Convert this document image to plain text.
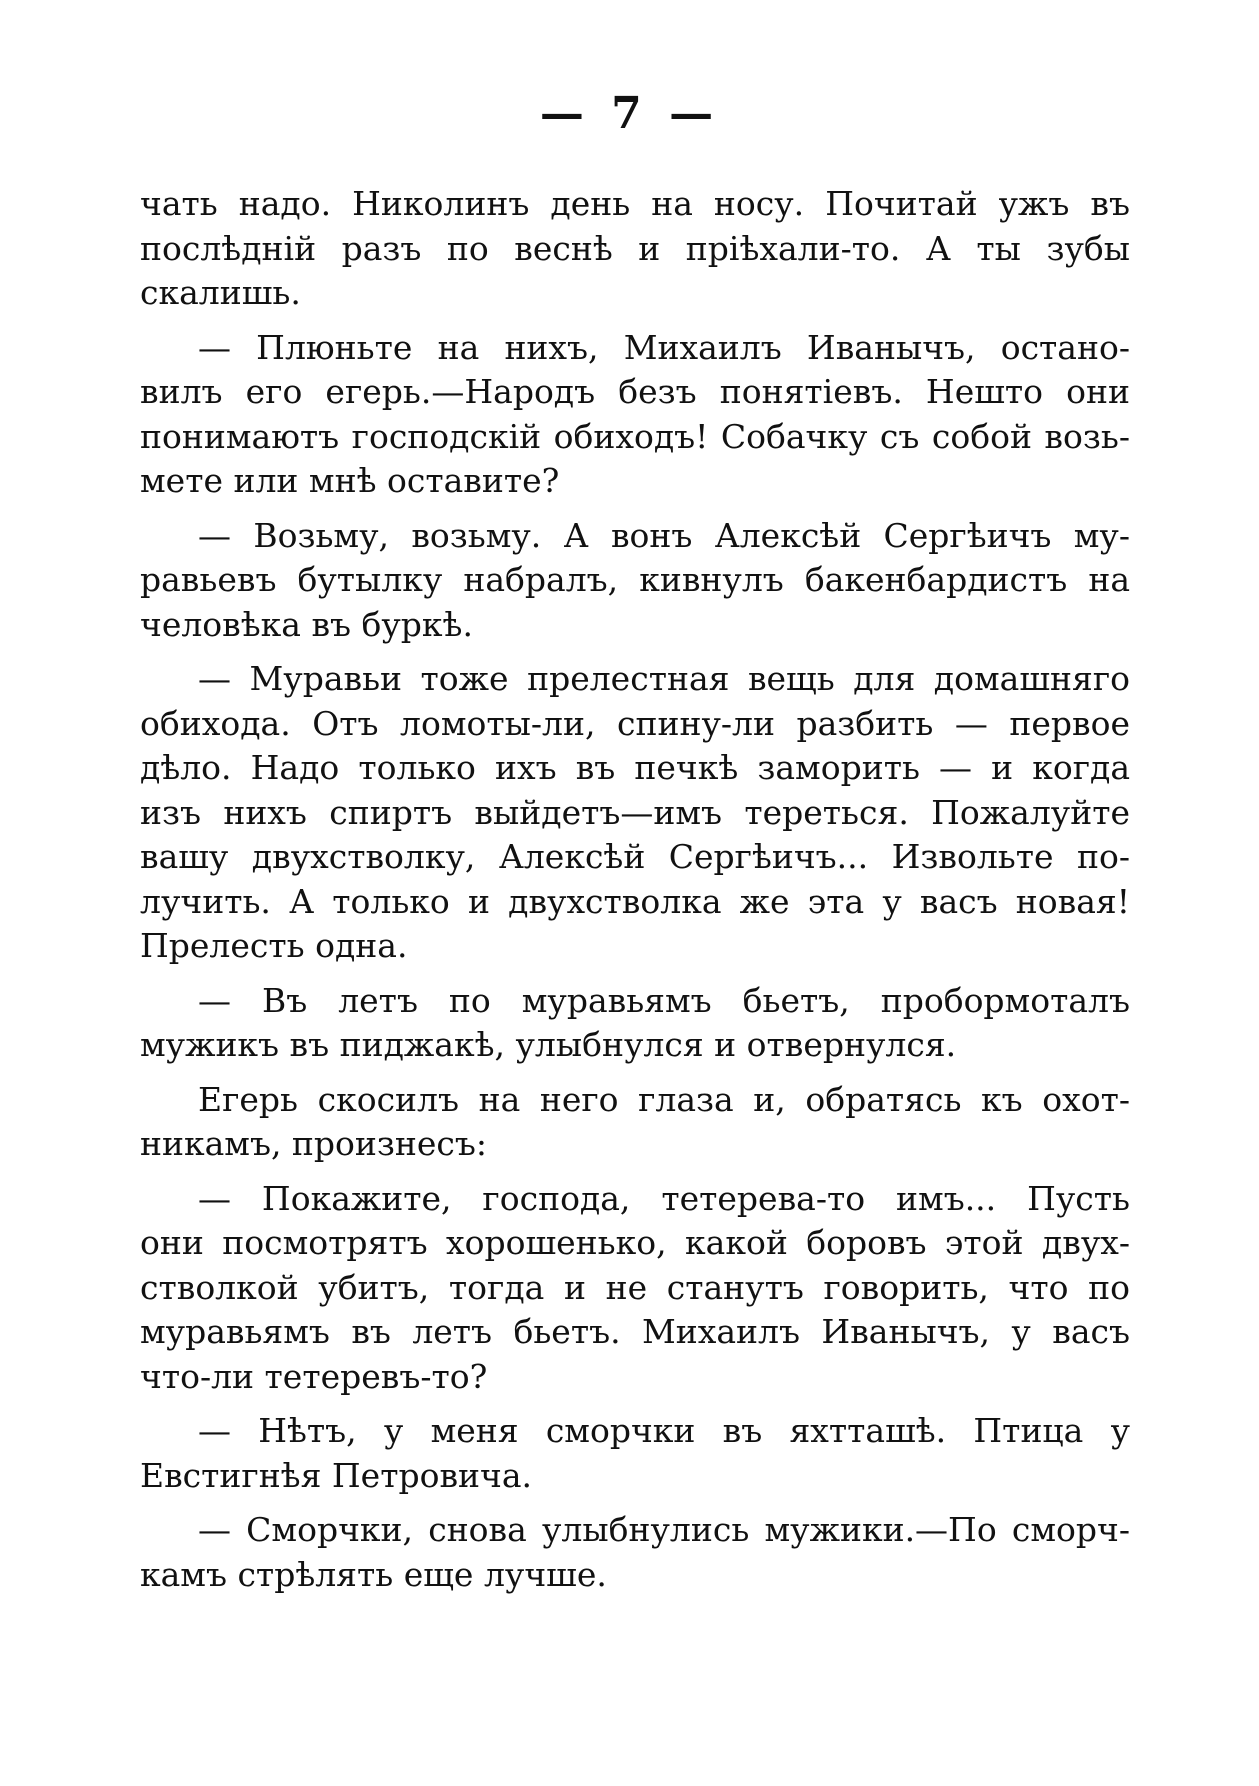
— 7 —
чать надо. Николинъ день на носу. Почитай ужъ въ
послѣдній разъ по веснѣ и пріѣхали-то. А ты зубы
скалишь.
— Плюньте на нихъ, Михаилъ Иванычъ, остано-
вилъ его егерь.—Народъ безъ понятіевъ. Нешто они
понимаютъ господскій обиходъ! Собачку съ собой возь-
мете или мнѣ оставите?
— Возьму, возьму. А вонъ Алексѣй Сергѣичъ му-
равьевъ бутылку набралъ, кивнулъ бакенбардистъ на
человѣка въ буркѣ.
— Муравьи тоже прелестная вещь для домашняго
обихода. Отъ ломоты-ли, спину-ли разбить — первое
дѣло. Надо только ихъ въ печкѣ заморить — и когда
изъ нихъ спиртъ выйдетъ—имъ тереться. Пожалуйте
вашу двухстволку, Алексѣй Сергѣичъ... Извольте по-
лучить. А только и двухстволка же эта у васъ новая!
Прелесть одна.
— Въ летъ по муравьямъ бьетъ, пробормоталъ
мужикъ въ пиджакѣ, улыбнулся и отвернулся.
Егерь скосилъ на него глаза и, обратясь къ охот-
никамъ, произнесъ:
— Покажите, господа, тетерева-то имъ... Пусть
они посмотрятъ хорошенько, какой боровъ этой двух-
стволкой убитъ, тогда и не станутъ говорить, что по
муравьямъ въ летъ бьетъ. Михаилъ Иванычъ, у васъ
что-ли тетеревъ-то?
— Нѣтъ, у меня сморчки въ яхтташѣ. Птица у
Евстигнѣя Петровича.
— Сморчки, снова улыбнулись мужики.—По сморч-
камъ стрѣлять еще лучше.
